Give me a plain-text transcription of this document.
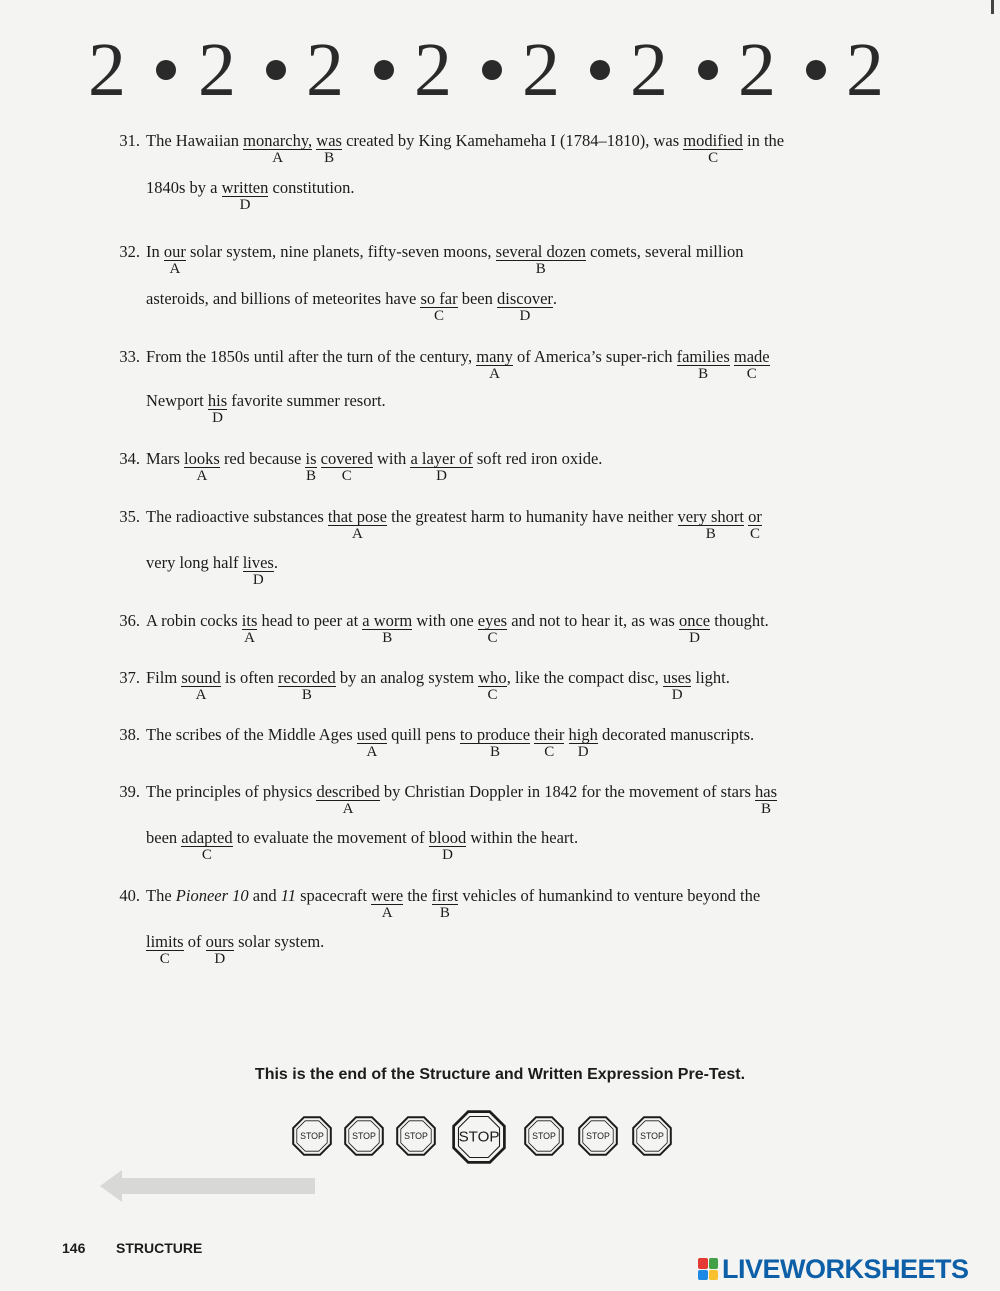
2 2 2 2 2 2 2 2
31. The Hawaiian monarchy,
A
was
B
created by King Kamehameha I (1784–1810), was modified
C
in the
1840s by a written
D
constitution.
32. In our
A
solar system, nine planets, fifty-seven moons, several dozen
B
comets, several million
asteroids, and billions of meteorites have so far
C
been discover
D
.
33. From the 1850s until after the turn of the century, many
A
of America’s super-rich families
B
made
C
Newport his
D
favorite summer resort.
34. Mars looks
A
red because is
B
covered
C
with a layer of
D
soft red iron oxide.
35. The radioactive substances that pose
A
the greatest harm to humanity have neither very short
B
or
C
very long half lives
D
.
36. A robin cocks its
A
head to peer at a worm
B
with one eyes
C
and not to hear it, as was once
D
thought.
37. Film sound
A
is often recorded
B
by an analog system who
C
, like the compact disc, uses
D
light.
38. The scribes of the Middle Ages used
A
quill pens to produce
B
their
C
high
D
decorated manuscripts.
39. The principles of physics described
A
by Christian Doppler in 1842 for the movement of stars has
B
been adapted
C
to evaluate the movement of blood
D
within the heart.
40. The Pioneer 10 and 11 spacecraft were
A
the first
B
vehicles of humankind to venture beyond the
limits
C
of ours
D
solar system.
This is the end of the Structure and Written Expression Pre-Test.
STOP STOP STOP STOP STOP STOP STOP
146 STRUCTURE
LIVEWORKSHEETS
